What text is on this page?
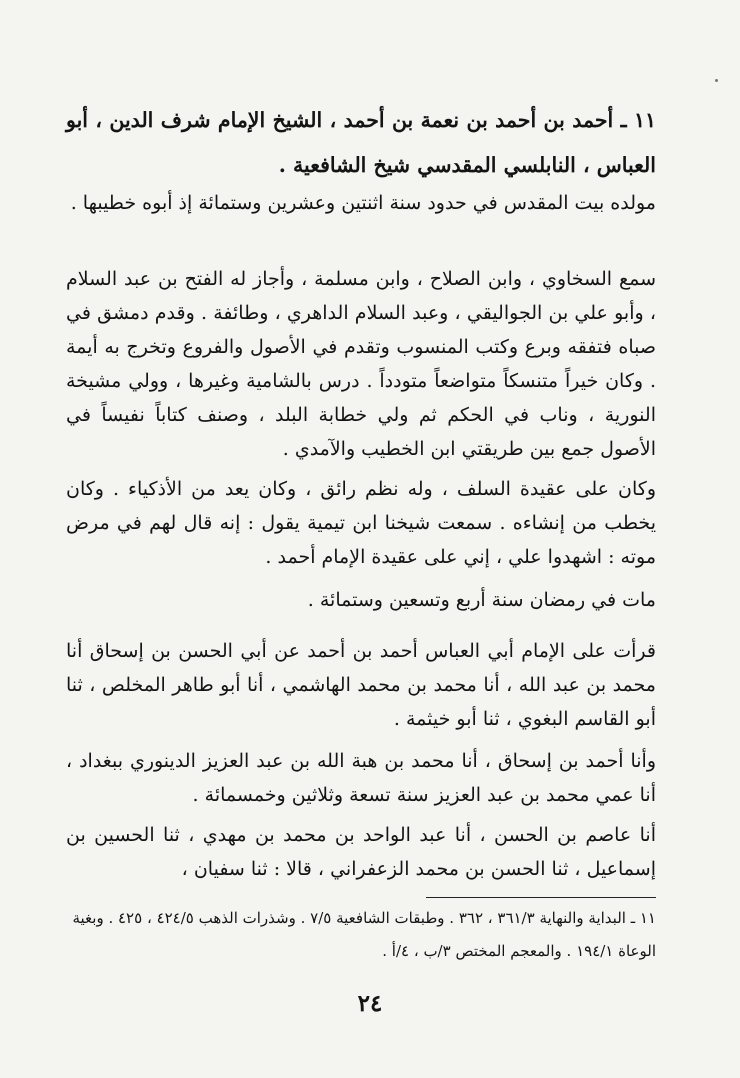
١١ ـ أحمد بن أحمد بن نعمة بن أحمد ، الشيخ الإمام شرف الدين ، أبو العباس ، النابلسي المقدسي شيخ الشافعية .

مولده بيت المقدس في حدود سنة اثنتين وعشرين وستمائة إذ أبوه خطيبها .

سمع السخاوي ، وابن الصلاح ، وابن مسلمة ، وأجاز له الفتح بن عبد السلام ، وأبو علي بن الجواليقي ، وعبد السلام الداهري ، وطائفة . وقدم دمشق في صباه فتفقه وبرع وكتب المنسوب وتقدم في الأصول والفروع وتخرج به أيمة . وكان خيراً متنسكاً متواضعاً متودداً . درس بالشامية وغيرها ، وولي مشيخة النورية ، وناب في الحكم ثم ولي خطابة البلد ، وصنف كتاباً نفيساً في الأصول جمع بين طريقتي ابن الخطيب والآمدي .

وكان على عقيدة السلف ، وله نظم رائق ، وكان يعد من الأذكياء . وكان يخطب من إنشاءه . سمعت شيخنا ابن تيمية يقول : إنه قال لهم في مرض موته : اشهدوا علي ، إني على عقيدة الإمام أحمد .

مات في رمضان سنة أربع وتسعين وستمائة .

قرأت على الإمام أبي العباس أحمد بن أحمد عن أبي الحسن بن إسحاق أنا محمد بن عبد الله ، أنا محمد بن محمد الهاشمي ، أنا أبو طاهر المخلص ، ثنا أبو القاسم البغوي ، ثنا أبو خيثمة .

وأنا أحمد بن إسحاق ، أنا محمد بن هبة الله بن عبد العزيز الدينوري ببغداد ، أنا عمي محمد بن عبد العزيز سنة تسعة وثلاثين وخمسمائة .

أنا عاصم بن الحسن ، أنا عبد الواحد بن محمد بن مهدي ، ثنا الحسين بن إسماعيل ، ثنا الحسن بن محمد الزعفراني ، قالا : ثنا سفيان ،

١١ ـ البداية والنهاية ٣٦١/٣ ، ٣٦٢ . وطبقات الشافعية ٧/٥ . وشذرات الذهب ٤٢٤/٥ ، ٤٢٥ . وبغية الوعاة ١٩٤/١ . والمعجم المختص ٣/ب ، ٤/أ .
٢٤
